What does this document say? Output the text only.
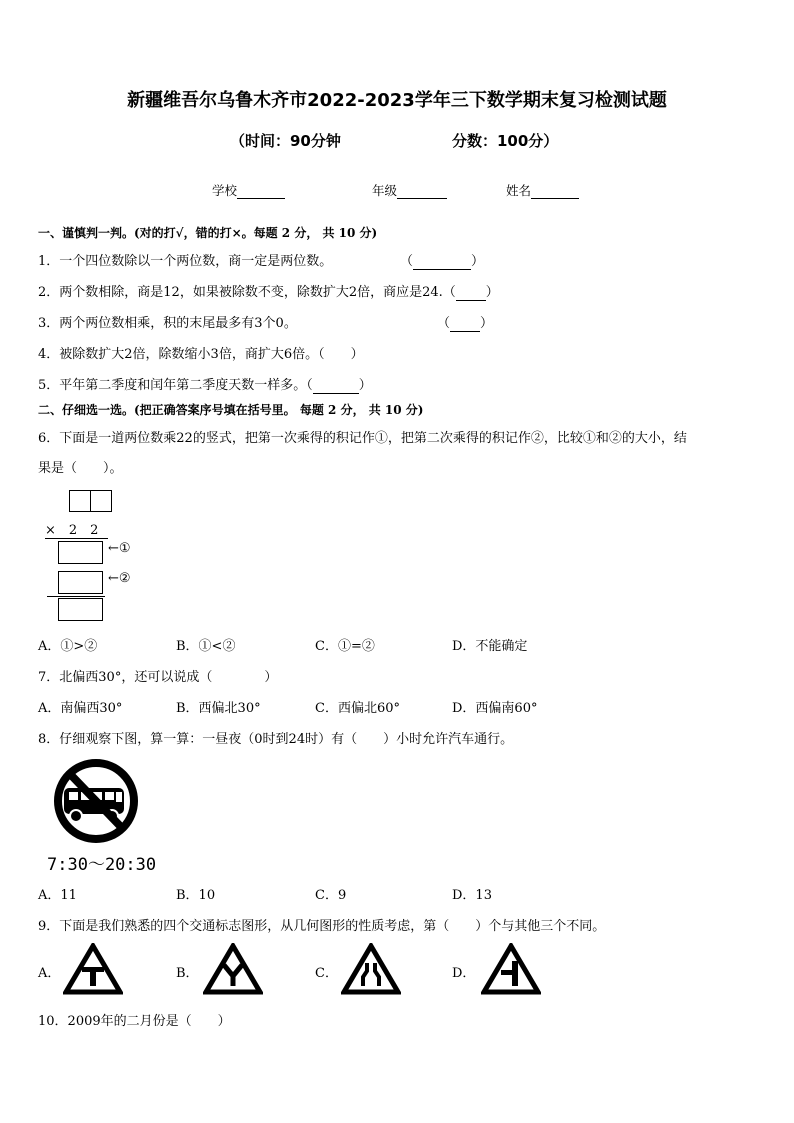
新疆维吾尔乌鲁木齐市2022-2023学年三下数学期末复习检测试题
（时间：90分钟	分数：100分）
学校	年级	姓名
一、谨慎判一判。(对的打√，错的打×。每题 2 分， 共 10 分)
1．一个四位数除以一个两位数，商一定是两位数。	（	）
2．两个数相除，商是12，如果被除数不变，除数扩大2倍，商应是24.（ ）
3．两个两位数相乘，积的末尾最多有3个0。	（ ）
4．被除数扩大2倍，除数缩小3倍，商扩大6倍。（　　）
5．平年第二季度和闰年第二季度天数一样多。（	）
二、仔细选一选。(把正确答案序号填在括号里。 每题 2 分， 共 10 分)
6．下面是一道两位数乘22的竖式，把第一次乘得的积记作①，把第二次乘得的积记作②，比较①和②的大小，结
果是（　　）。
×　2　2
←①
←②
A．①>②	B．①<②	C．①=②	D．不能确定
7．北偏西30°，还可以说成（　　　　）
A．南偏西30°	B．西偏北30°	C．西偏北60°	D．西偏南60°
8．仔细观察下图，算一算：一昼夜（0时到24时）有（　　）小时允许汽车通行。
7:30～20:30
A．11	B．10	C．9	D．13
9．下面是我们熟悉的四个交通标志图形，从几何图形的性质考虑，第（　　）个与其他三个不同。
A．	B．	C．	D．
10．2009年的二月份是（　　）
